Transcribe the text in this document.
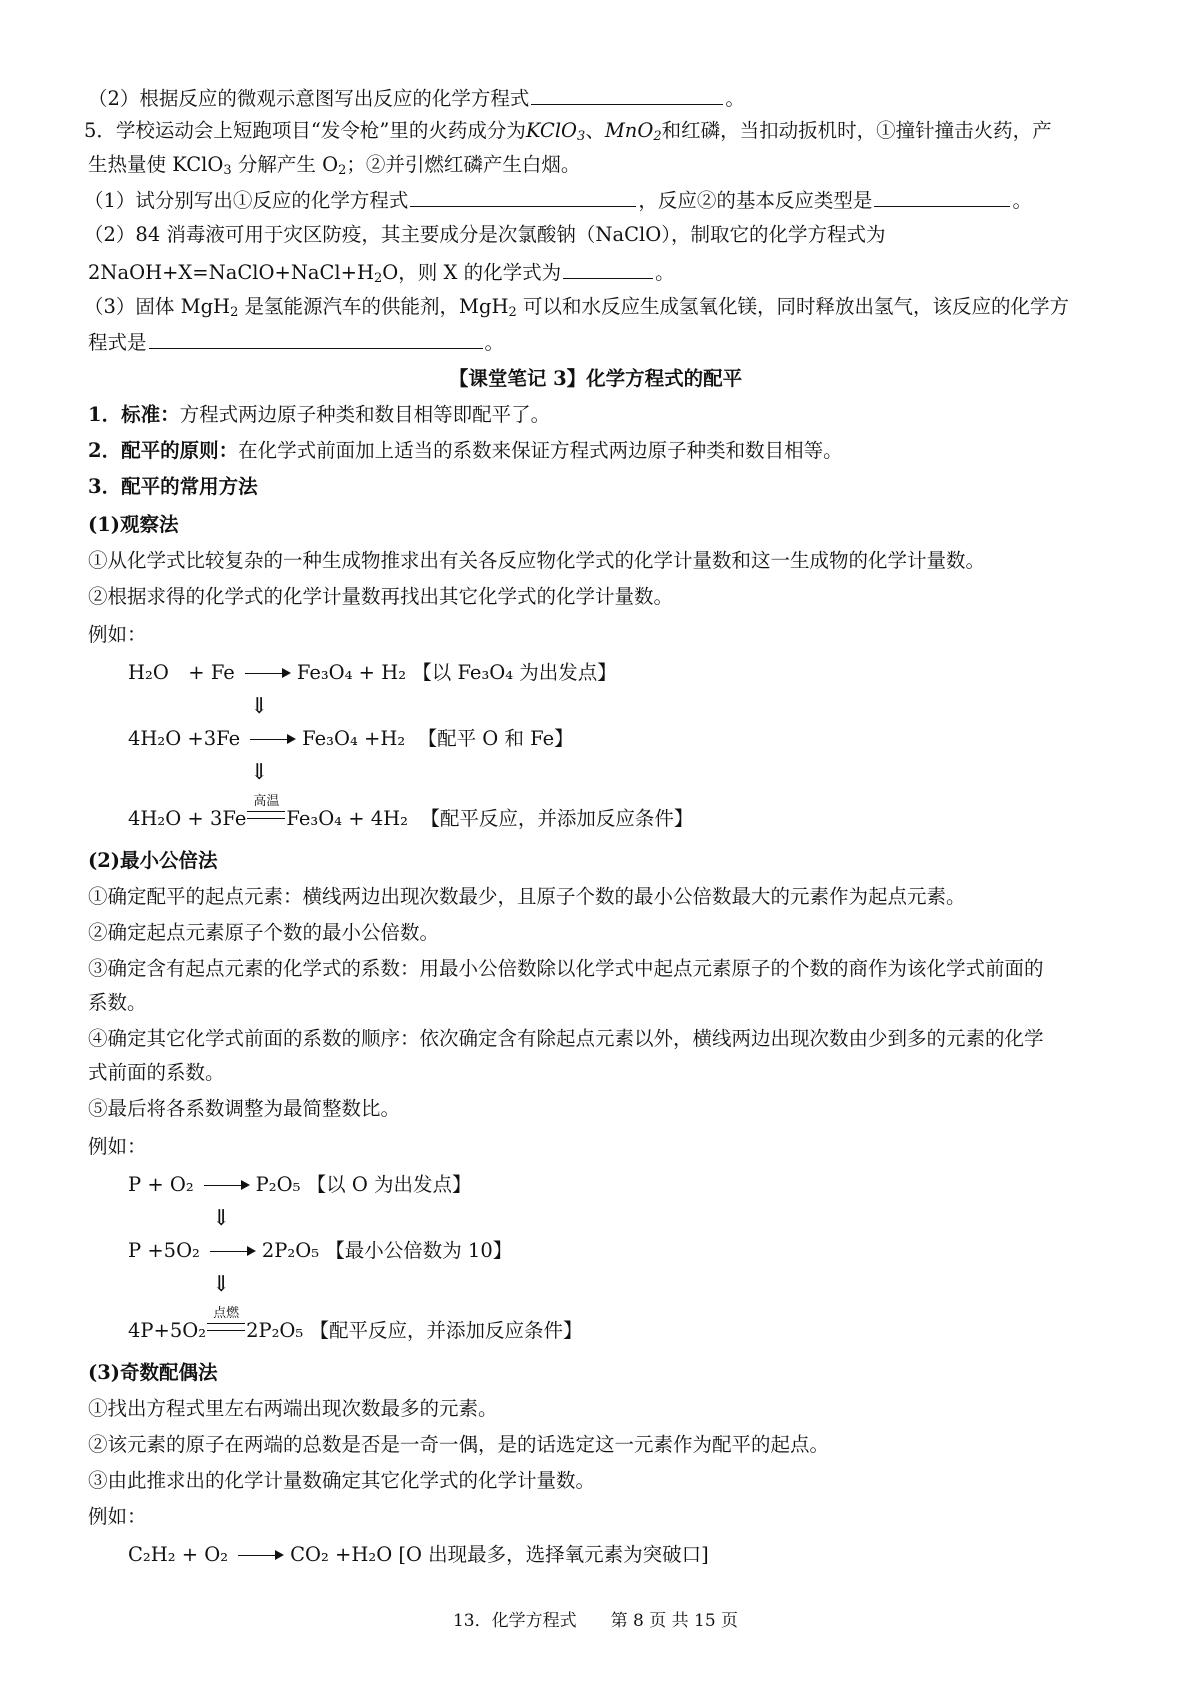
（2）根据反应的微观示意图写出反应的化学方程式	。
5．学校运动会上短跑项目“发令枪”里的火药成分为KClO$_3$、MnO$_2$和红磷，当扣动扳机时，①撞针撞击火药，产
生热量使 KClO$_3$ 分解产生 $O_2$；②并引燃红磷产生白烟。
（1）试分别写出①反应的化学方程式	，反应②的基本反应类型是	。
（2）84 消毒液可用于灾区防疫，其主要成分是次氯酸钠（NaClO），制取它的化学方程式为
$2NaOH+X=NaClO+NaCl+H_2O$，则 X 的化学式为	。
（3）固体 MgH$_2$ 是氢能源汽车的供能剂，MgH$_2$ 可以和水反应生成氢氧化镁，同时释放出氢气，该反应的化学方
程式是	。
【课堂笔记 3】化学方程式的配平
1．标准：方程式两边原子种类和数目相等即配平了。
2．配平的原则：在化学式前面加上适当的系数来保证方程式两边原子种类和数目相等。
3．配平的常用方法
(1)观察法
①从化学式比较复杂的一种生成物推求出有关各反应物化学式的化学计量数和这一生成物的化学计量数。
②根据求得的化学式的化学计量数再找出其它化学式的化学计量数。
例如：
H₂O　+ Fe	Fe₃O₄ + H₂ 【以 Fe₃O₄ 为出发点】
⇓
4H₂O +3Fe	Fe₃O₄ +H₂ 【配平 O 和 Fe】
⇓
4H₂O + 3Fe
高温
Fe₃O₄ + 4H₂ 【配平反应，并添加反应条件】
(2)最小公倍法
①确定配平的起点元素：横线两边出现次数最少，且原子个数的最小公倍数最大的元素作为起点元素。
②确定起点元素原子个数的最小公倍数。
③确定含有起点元素的化学式的系数：用最小公倍数除以化学式中起点元素原子的个数的商作为该化学式前面的
系数。
④确定其它化学式前面的系数的顺序：依次确定含有除起点元素以外，横线两边出现次数由少到多的元素的化学
式前面的系数。
⑤最后将各系数调整为最简整数比。
例如：
P + O₂	P₂O₅ 【以 O 为出发点】
⇓
P +5O₂	2P₂O₅ 【最小公倍数为 10】
⇓
4P+5O₂
点燃
2P₂O₅ 【配平反应，并添加反应条件】
(3)奇数配偶法
①找出方程式里左右两端出现次数最多的元素。
②该元素的原子在两端的总数是否是一奇一偶，是的话选定这一元素作为配平的起点。
③由此推求出的化学计量数确定其它化学式的化学计量数。
例如：
C₂H₂ + O₂	CO₂ +H₂O [O 出现最多，选择氧元素为突破口]
13．化学方程式　　第 8 页 共 15 页
